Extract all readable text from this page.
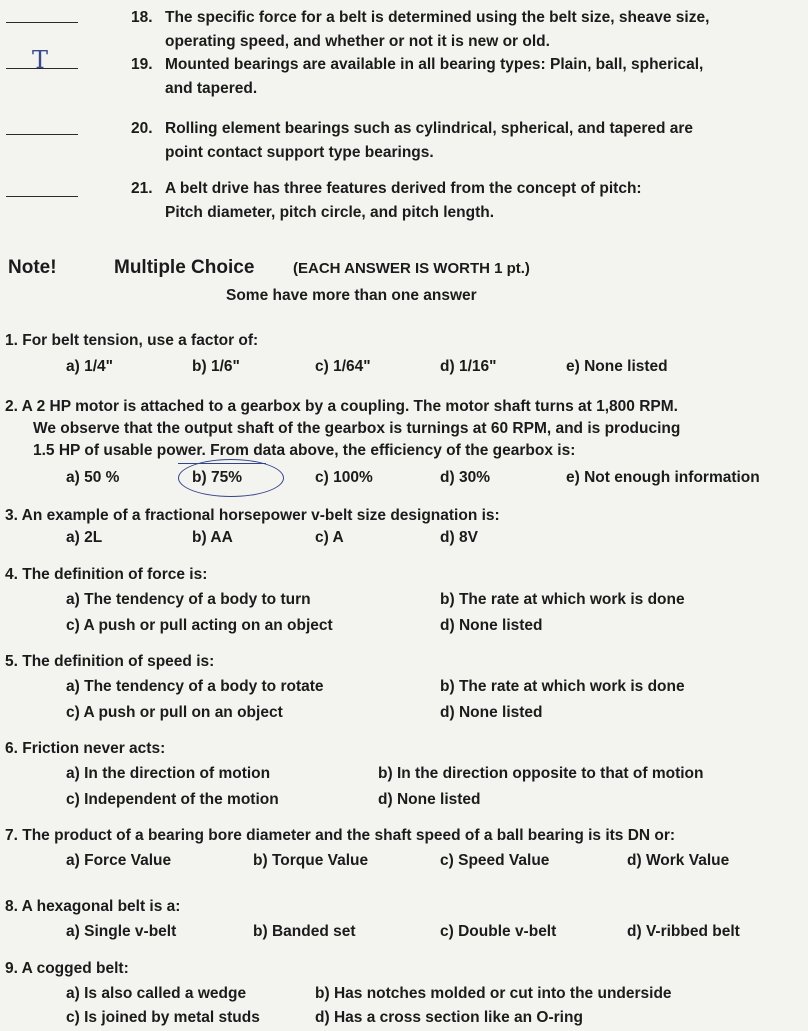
18. The specific force for a belt is determined using the belt size, sheave size,
operating speed, and whether or not it is new or old.
T	19. Mounted bearings are available in all bearing types: Plain, ball, spherical,
and tapered.
20. Rolling element bearings such as cylindrical, spherical, and tapered are
point contact support type bearings.
21. A belt drive has three features derived from the concept of pitch:
Pitch diameter, pitch circle, and pitch length.
Note!	Multiple Choice	(EACH ANSWER IS WORTH 1 pt.)
Some have more than one answer
1. For belt tension, use a factor of:
a) 1/4"	b) 1/6"	c) 1/64"	d) 1/16"	e) None listed
2. A 2 HP motor is attached to a gearbox by a coupling. The motor shaft turns at 1,800 RPM.
We observe that the output shaft of the gearbox is turnings at 60 RPM, and is producing
1.5 HP of usable power. From data above, the efficiency of the gearbox is:
a) 50 %	b) 75%	c) 100%	d) 30%	e) Not enough information
3. An example of a fractional horsepower v-belt size designation is:
a) 2L	b) AA	c) A	d) 8V
4. The definition of force is:
a) The tendency of a body to turn	b) The rate at which work is done
c) A push or pull acting on an object	d) None listed
5. The definition of speed is:
a) The tendency of a body to rotate	b) The rate at which work is done
c) A push or pull on an object	d) None listed
6. Friction never acts:
a) In the direction of motion	b) In the direction opposite to that of motion
c) Independent of the motion	d) None listed
7. The product of a bearing bore diameter and the shaft speed of a ball bearing is its DN or:
a) Force Value	b) Torque Value	c) Speed Value	d) Work Value
8. A hexagonal belt is a:
a) Single v-belt	b) Banded set	c) Double v-belt	d) V-ribbed belt
9. A cogged belt:
a) Is also called a wedge	b) Has notches molded or cut into the underside
c) Is joined by metal studs	d) Has a cross section like an O-ring
